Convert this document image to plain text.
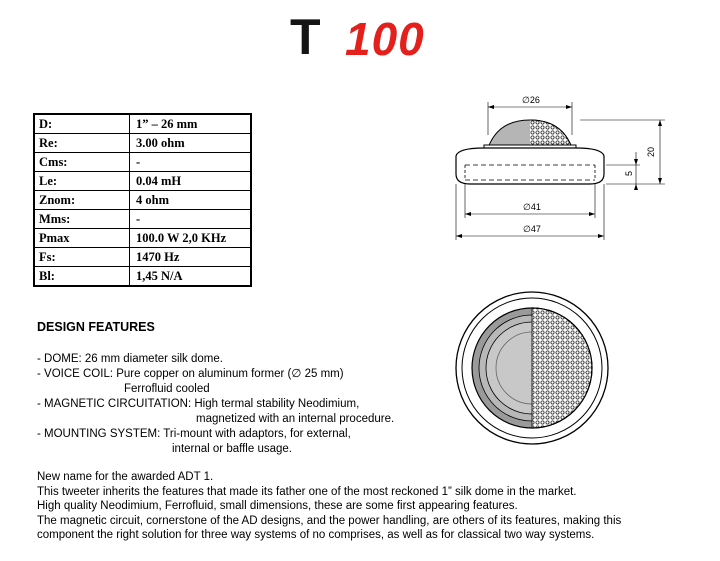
T 100
D:	1” – 26 mm
Re:	3.00 ohm
Cms:	-
Le:	0.04 mH
Znom:	4 ohm
Mms:	-
Pmax	100.0 W 2,0 KHz
Fs:	1470 Hz
Bl:	1,45 N/A
DESIGN FEATURES
- DOME: 26 mm diameter silk dome.
- VOICE COIL: Pure copper on aluminum former (∅ 25 mm)
Ferrofluid cooled
- MAGNETIC CIRCUITATION: High termal stability Neodimium,
magnetized with an internal procedure.
- MOUNTING SYSTEM: Tri-mount with adaptors, for external,
internal or baffle usage.
New name for the awarded ADT 1.
This tweeter inherits the features that made its father one of the most reckoned 1” silk dome in the market.
High quality Neodimium, Ferrofluid, small dimensions, these are some first appearing features.
The magnetic circuit, cornerstone of the AD designs, and the power handling, are others of its features, making this
component the right solution for three way systems of no comprises, as well as for classical two way systems.
∅26
20
5
∅41
∅47
